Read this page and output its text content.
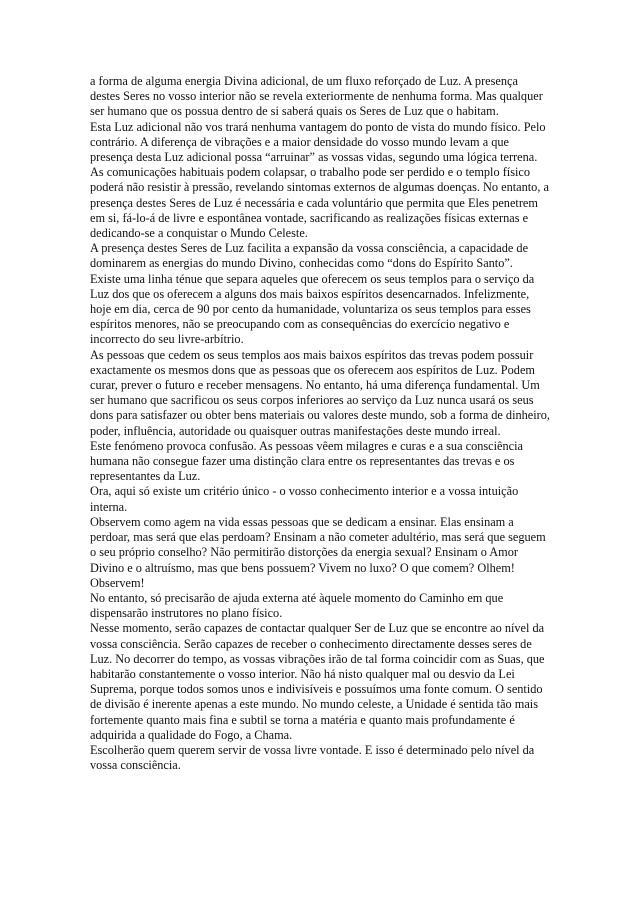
a forma de alguma energia Divina adicional, de um fluxo reforçado de Luz. A presença destes Seres no vosso interior não se revela exteriormente de nenhuma forma. Mas qualquer ser humano que os possua dentro de si saberá quais os Seres de Luz que o habitam.

Esta Luz adicional não vos trará nenhuma vantagem do ponto de vista do mundo físico. Pelo contrário. A diferença de vibrações e a maior densidade do vosso mundo levam a que presença desta Luz adicional possa “arruinar” as vossas vidas, segundo uma lógica terrena. As comunicações habituais podem colapsar, o trabalho pode ser perdido e o templo físico poderá não resistir à pressão, revelando sintomas externos de algumas doenças. No entanto, a presença destes Seres de Luz é necessária e cada voluntário que permita que Eles penetrem em si, fá-lo-á de livre e espontânea vontade, sacrificando as realizações físicas externas e dedicando-se a conquistar o Mundo Celeste.

A presença destes Seres de Luz facilita a expansão da vossa consciência, a capacidade de dominarem as energias do mundo Divino, conhecidas como “dons do Espírito Santo”.

Existe uma linha ténue que separa aqueles que oferecem os seus templos para o serviço da Luz dos que os oferecem a alguns dos mais baixos espíritos desencarnados. Infelizmente, hoje em dia, cerca de 90 por cento da humanidade, voluntariza os seus templos para esses espíritos menores, não se preocupando com as consequências do exercício negativo e incorrecto do seu livre-arbítrio.

As pessoas que cedem os seus templos aos mais baixos espíritos das trevas podem possuir exactamente os mesmos dons que as pessoas que os oferecem aos espíritos de Luz. Podem curar, prever o futuro e receber mensagens. No entanto, há uma diferença fundamental. Um ser humano que sacrificou os seus corpos inferiores ao serviço da Luz nunca usará os seus dons para satisfazer ou obter bens materiais ou valores deste mundo, sob a forma de dinheiro, poder, influência, autoridade ou quaisquer outras manifestações deste mundo irreal.

Este fenómeno provoca confusão. As pessoas vêem milagres e curas e a sua consciência humana não consegue fazer uma distinção clara entre os representantes das trevas e os representantes da Luz.

Ora, aqui só existe um critério único - o vosso conhecimento interior e a vossa intuição interna.

Observem como agem na vida essas pessoas que se dedicam a ensinar. Elas ensinam a perdoar, mas será que elas perdoam? Ensinam a não cometer adultério, mas será que seguem o seu próprio conselho? Não permitirão distorções da energia sexual? Ensinam o Amor Divino e o altruísmo, mas que bens possuem? Vivem no luxo? O que comem? Olhem! Observem!

No entanto, só precisarão de ajuda externa até àquele momento do Caminho em que dispensarão instrutores no plano físico.

Nesse momento, serão capazes de contactar qualquer Ser de Luz que se encontre ao nível da vossa consciência. Serão capazes de receber o conhecimento directamente desses seres de Luz. No decorrer do tempo, as vossas vibrações irão de tal forma coincidir com as Suas, que habitarão constantemente o vosso interior. Não há nisto qualquer mal ou desvio da Lei Suprema, porque todos somos unos e indivisíveis e possuímos uma fonte comum. O sentido de divisão é inerente apenas a este mundo. No mundo celeste, a Unidade é sentida tão mais fortemente quanto mais fina e subtil se torna a matéria e quanto mais profundamente é adquirida a qualidade do Fogo, a Chama.

Escolherão quem querem servir de vossa livre vontade. E isso é determinado pelo nível da vossa consciência.
